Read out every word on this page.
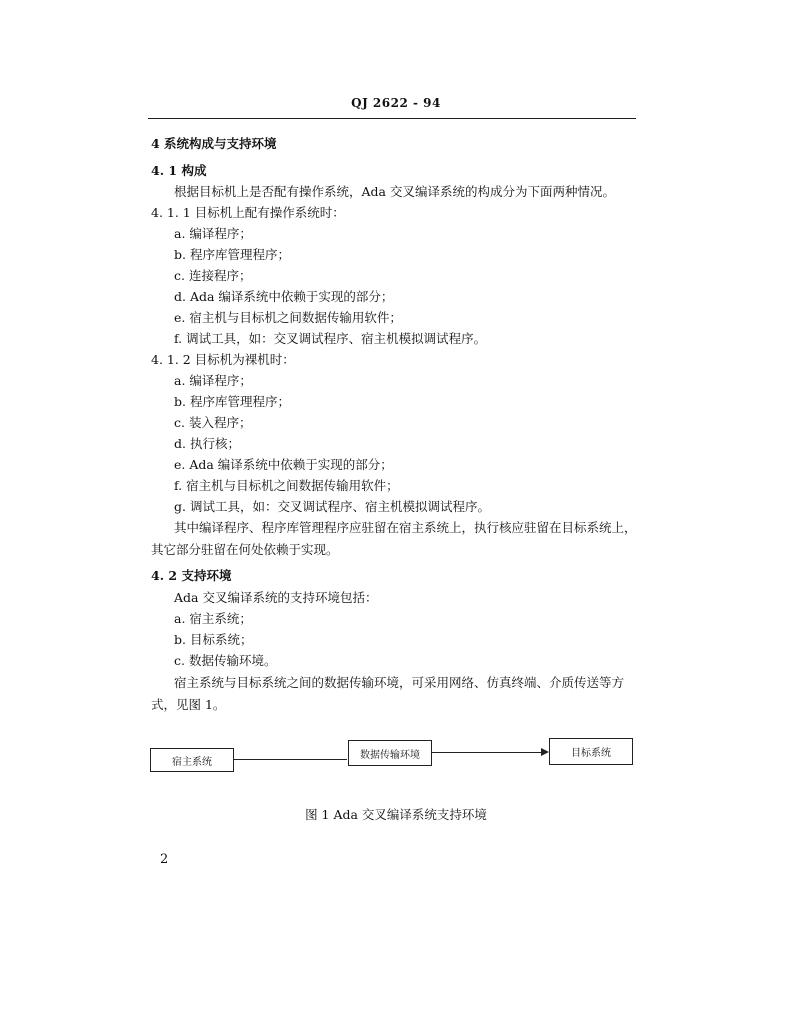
QJ 2622 - 94
4 系统构成与支持环境
4. 1 构成
根据目标机上是否配有操作系统，Ada 交叉编译系统的构成分为下面两种情况。
4. 1. 1 目标机上配有操作系统时：
a. 编译程序；
b. 程序库管理程序；
c. 连接程序；
d. Ada 编译系统中依赖于实现的部分；
e. 宿主机与目标机之间数据传输用软件；
f. 调试工具，如：交叉调试程序、宿主机模拟调试程序。
4. 1. 2 目标机为裸机时：
a. 编译程序；
b. 程序库管理程序；
c. 装入程序；
d. 执行核；
e. Ada 编译系统中依赖于实现的部分；
f. 宿主机与目标机之间数据传输用软件；
g. 调试工具，如：交叉调试程序、宿主机模拟调试程序。
其中编译程序、程序库管理程序应驻留在宿主系统上，执行核应驻留在目标系统上，
其它部分驻留在何处依赖于实现。
4. 2 支持环境
Ada 交叉编译系统的支持环境包括：
a. 宿主系统；
b. 目标系统；
c. 数据传输环境。
宿主系统与目标系统之间的数据传输环境，可采用网络、仿真终端、介质传送等方
式，见图 1。
宿主系统
数据传输环境	目标系统
图 1 Ada 交叉编译系统支持环境
2
